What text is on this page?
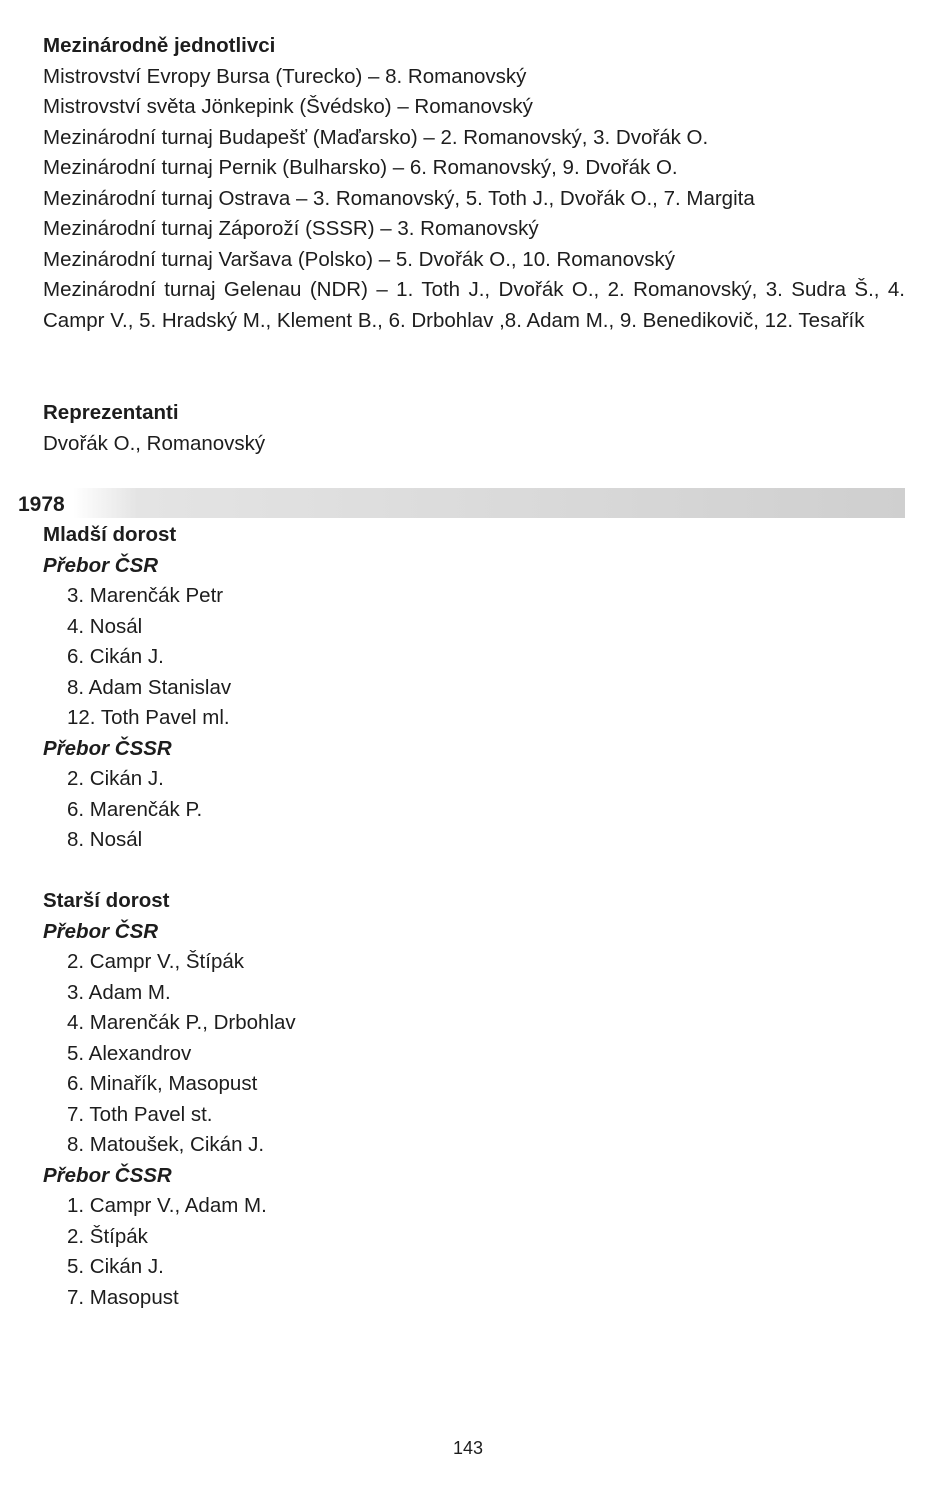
Mezinárodně jednotlivci
Mistrovství Evropy Bursa (Turecko) – 8. Romanovský
Mistrovství světa Jönkepink (Švédsko) – Romanovský
Mezinárodní turnaj Budapešť (Maďarsko) – 2. Romanovský, 3. Dvořák O.
Mezinárodní turnaj Pernik (Bulharsko) – 6. Romanovský, 9. Dvořák O.
Mezinárodní turnaj Ostrava – 3. Romanovský, 5. Toth J., Dvořák O., 7. Margita
Mezinárodní turnaj Záporoží (SSSR) – 3. Romanovský
Mezinárodní turnaj Varšava (Polsko) – 5. Dvořák O., 10. Romanovský
Mezinárodní turnaj Gelenau (NDR) – 1. Toth J., Dvořák O., 2. Romanovský, 3. Sudra Š., 4. Campr V., 5. Hradský M., Klement B., 6. Drbohlav ,8. Adam M., 9. Benedikovič, 12. Tesařík
Reprezentanti
Dvořák O., Romanovský
1978
Mladší dorost
Přebor ČSR
3. Marenčák Petr
4. Nosál
6. Cikán J.
8. Adam Stanislav
12. Toth Pavel ml.
Přebor ČSSR
2. Cikán J.
6. Marenčák P.
8. Nosál
Starší dorost
Přebor ČSR
2. Campr V., Štípák
3. Adam M.
4. Marenčák P., Drbohlav
5. Alexandrov
6. Minařík, Masopust
7. Toth Pavel st.
8. Matoušek, Cikán J.
Přebor ČSSR
1. Campr V., Adam M.
2. Štípák
5. Cikán J.
7. Masopust
143
